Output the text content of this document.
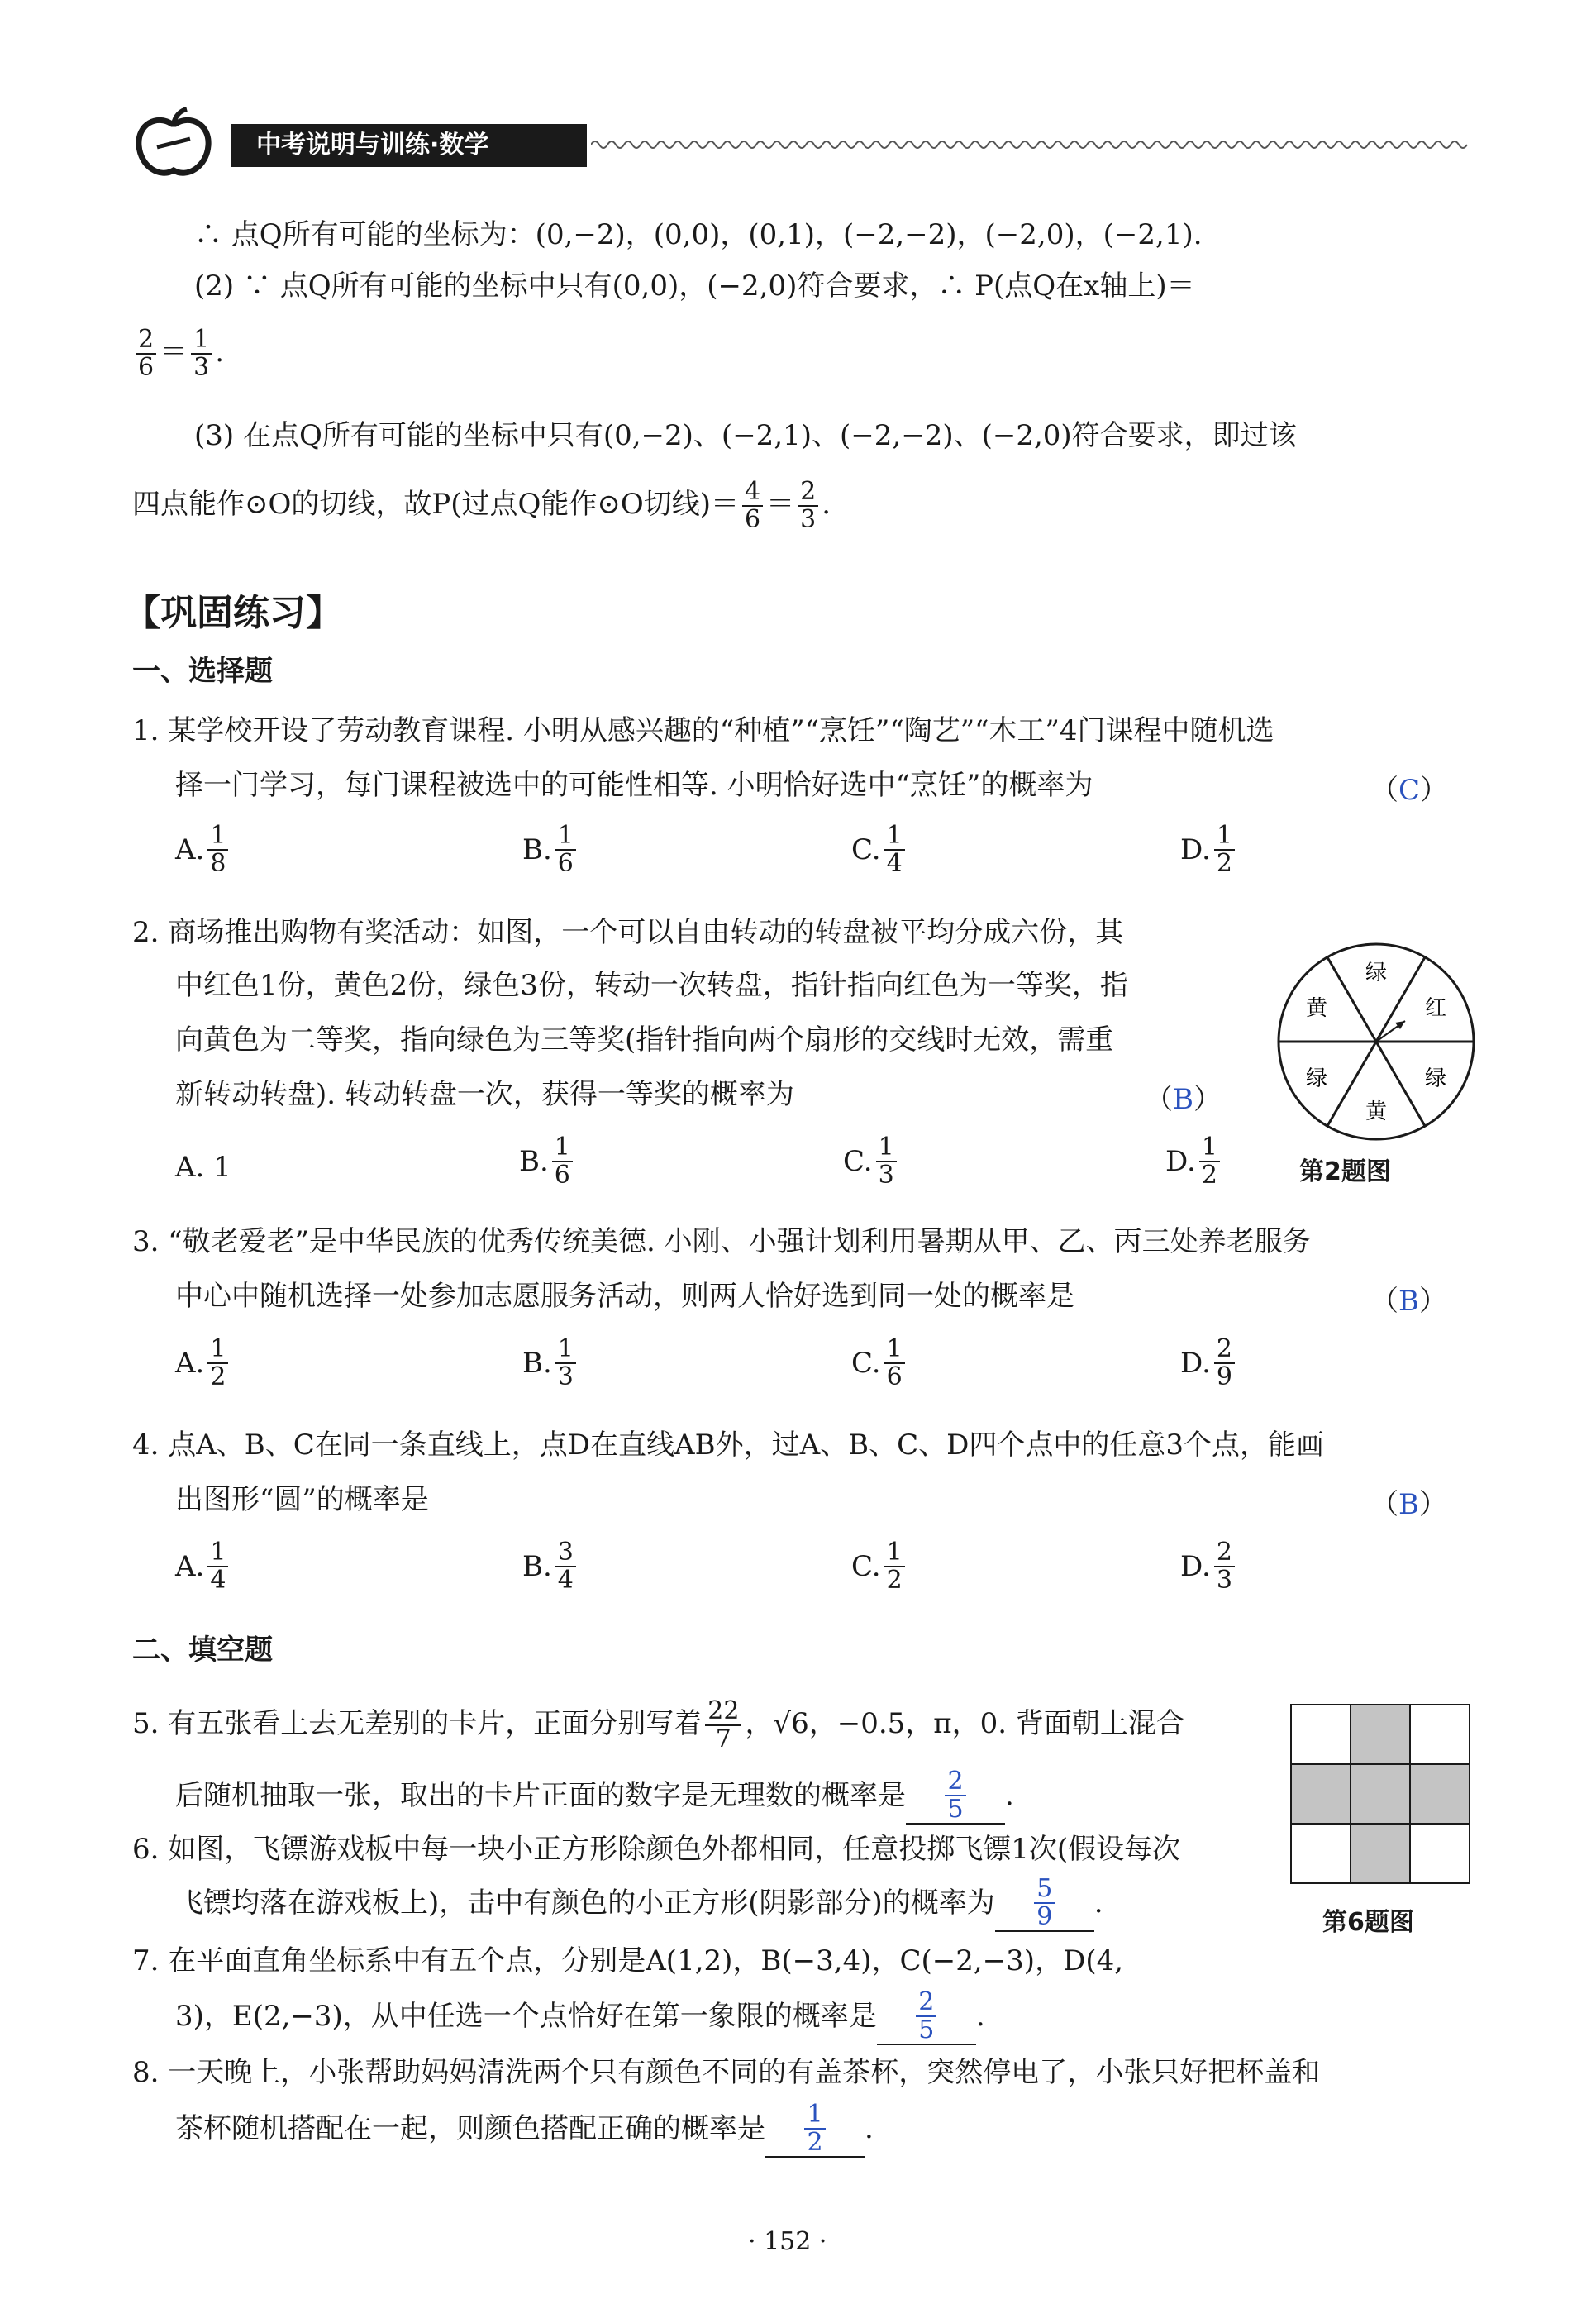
中考说明与训练·数学
∴ 点Q所有可能的坐标为：(0,−2)，(0,0)，(0,1)，(−2,−2)，(−2,0)，(−2,1).
(2) ∵ 点Q所有可能的坐标中只有(0,0)，(−2,0)符合要求，∴ P(点Q在x轴上)＝
$\frac{2}{6} = \frac{1}{3}$ .
(3) 在点Q所有可能的坐标中只有(0,−2)、(−2,1)、(−2,−2)、(−2,0)符合要求，即过该
四点能作⊙O的切线，故P(过点Q能作⊙O切线)＝ $\frac{4}{6} = \frac{2}{3}$ .
【巩固练习】
一、选择题
1. 某学校开设了劳动教育课程. 小明从感兴趣的“种植”“烹饪”“陶艺”“木工”4门课程中随机选
择一门学习，每门课程被选中的可能性相等. 小明恰好选中“烹饪”的概率为	（C）
A. $\frac{1}{8}$	B. $\frac{1}{6}$	C. $\frac{1}{4}$	D. $\frac{1}{2}$
2. 商场推出购物有奖活动：如图，一个可以自由转动的转盘被平均分成六份，其
中红色1份，黄色2份，绿色3份，转动一次转盘，指针指向红色为一等奖，指
向黄色为二等奖，指向绿色为三等奖(指针指向两个扇形的交线时无效，需重
新转动转盘). 转动转盘一次，获得一等奖的概率为	（B）
A. 1	B. $\frac{1}{6}$	C. $\frac{1}{3}$	D. $\frac{1}{2}$
绿
红
绿
黄
绿
黄
第2题图
3. “敬老爱老”是中华民族的优秀传统美德. 小刚、小强计划利用暑期从甲、乙、丙三处养老服务
中心中随机选择一处参加志愿服务活动，则两人恰好选到同一处的概率是	（B）
A. $\frac{1}{2}$	B. $\frac{1}{3}$	C. $\frac{1}{6}$	D. $\frac{2}{9}$
4. 点A、B、C在同一条直线上，点D在直线AB外，过A、B、C、D四个点中的任意3个点，能画
出图形“圆”的概率是	（B）
A. $\frac{1}{4}$	B. $\frac{3}{4}$	C. $\frac{1}{2}$	D. $\frac{2}{3}$
二、填空题
5. 有五张看上去无差别的卡片，正面分别写着 $\frac{22}{7}$ ，√6，−0.5，π，0. 背面朝上混合
后随机抽取一张，取出的卡片正面的数字是无理数的概率是 $\frac{2}{5}$ .
6. 如图，飞镖游戏板中每一块小正方形除颜色外都相同，任意投掷飞镖1次(假设每次
飞镖均落在游戏板上)，击中有颜色的小正方形(阴影部分)的概率为 $\frac{5}{9}$ .
第6题图
7. 在平面直角坐标系中有五个点，分别是A(1,2)，B(−3,4)，C(−2,−3)，D(4,
3)，E(2,−3)，从中任选一个点恰好在第一象限的概率是 $\frac{2}{5}$ .
8. 一天晚上，小张帮助妈妈清洗两个只有颜色不同的有盖茶杯，突然停电了，小张只好把杯盖和
茶杯随机搭配在一起，则颜色搭配正确的概率是 $\frac{1}{2}$ .
· 152 ·
